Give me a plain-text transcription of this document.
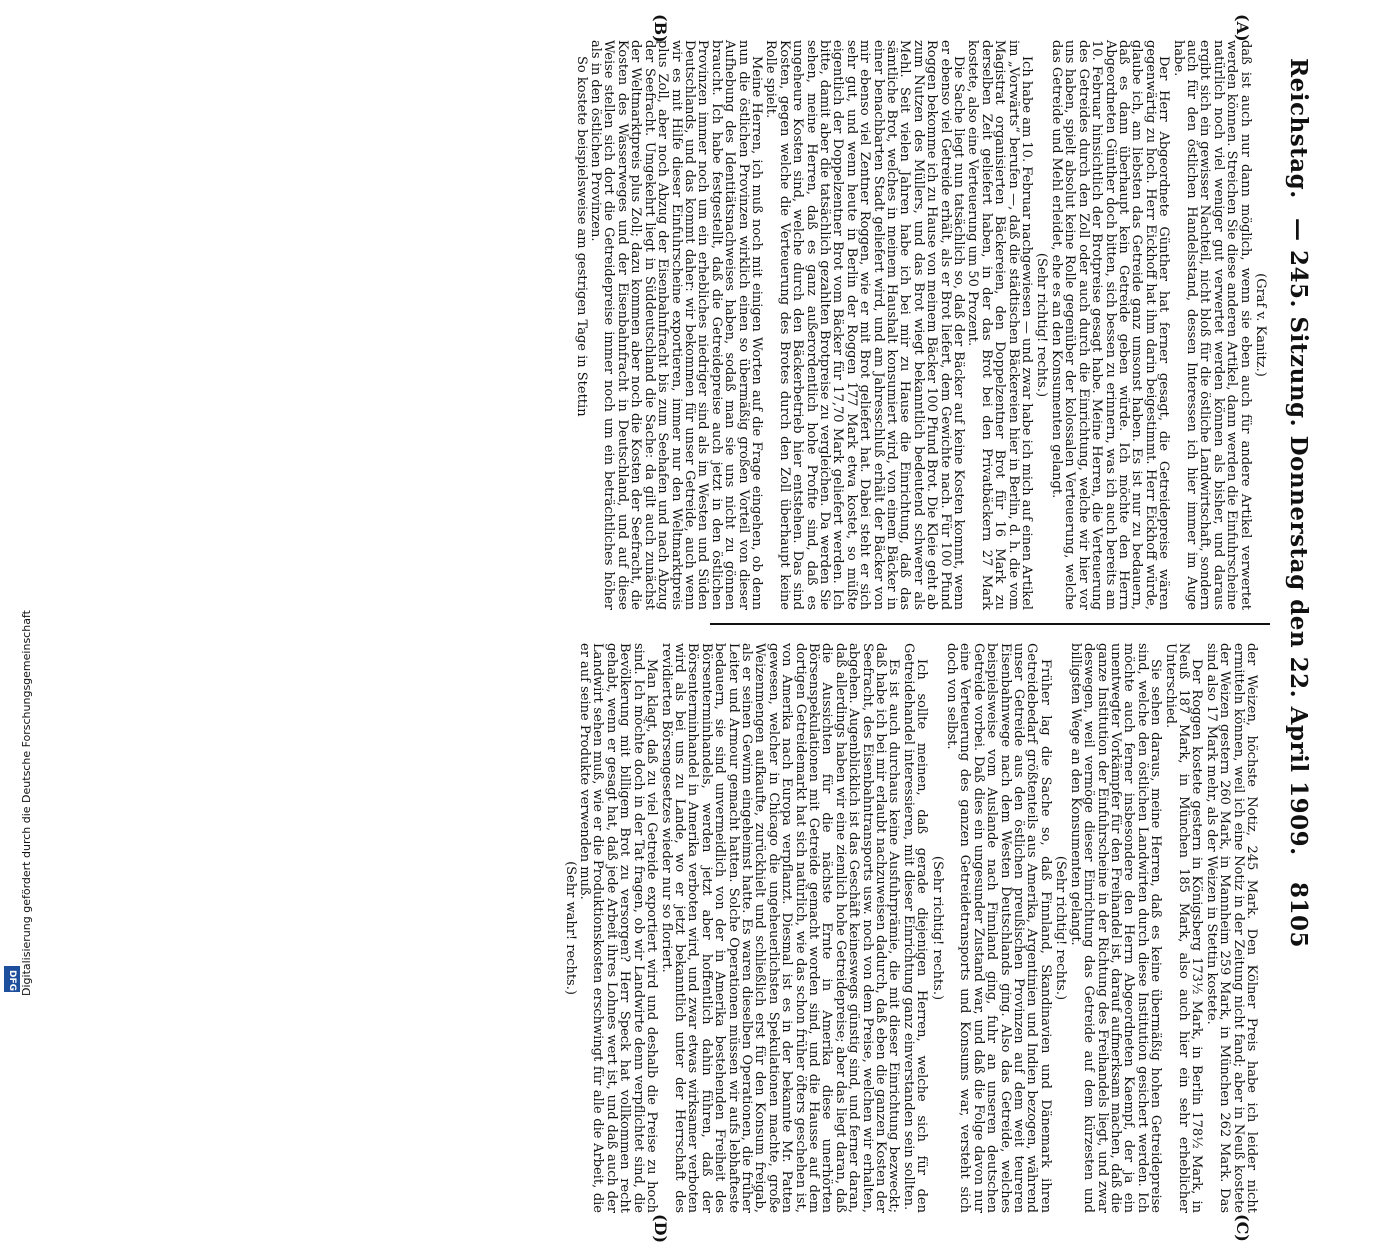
Digitalisierung gefördert durch die Deutsche Forschungsgemeinschaft
DFG
Reichstag.
— 245. Sitzung. Donnerstag den 22. April 1909.
8105
(A)
(B)
(C)
(D)

(Graf v. Kanitz.)

daß ist auch nur dann möglich, wenn sie eben auch für andere Artikel verwertet werden können. Streichen Sie diese anderen Artikel, dann werden die Einfuhrscheine natürlich noch viel weniger gut verwertet werden können als bisher, und daraus ergibt sich ein gewisser Nachteil, nicht bloß für die östliche Landwirtschaft, sondern auch für den östlichen Handelsstand, dessen Interessen ich hier immer im Auge habe.

Der Herr Abgeordnete Günther hat ferner gesagt, die Getreidepreise wären gegenwärtig zu hoch. Herr Eickhoff hat ihm darin beigestimmt. Herr Eickhoff würde, glaube ich, am liebsten das Getreide ganz umsonst haben. Es ist nur zu bedauern, daß es dann überhaupt kein Getreide geben würde. Ich möchte den Herrn Abgeordneten Günther doch bitten, sich bessen zu erinnern, was ich auch bereits am 10. Februar hinsichtlich der Brotpreise gesagt habe. Meine Herren, die Verteuerung des Getreides durch den Zoll oder auch durch die Einrichtung, welche wir hier vor uns haben, spielt absolut keine Rolle gegenüber der kolossalen Verteuerung, welche das Getreide und Mehl erleidet, ehe es an den Konsumenten gelangt.

(Sehr richtig! rechts.)

Ich habe am 10. Februar nachgewiesen — und zwar habe ich mich auf einen Artikel im „Vorwärts“ berufen —, daß die städtischen Bäckereien hier in Berlin, d. h. die vom Magistrat organisierten Bäckereien, den Doppelzentner Brot für 16 Mark zu derselben Zeit geliefert haben, in der das Brot bei den Privatbäckern 27 Mark kostete, also eine Verteuerung um 50 Prozent.

Die Sache liegt nun tatsächlich so, daß der Bäcker auf keine Kosten kommt, wenn er ebenso viel Getreide erhält, als er Brot liefert, dem Gewichte nach. Für 100 Pfund Roggen bekomme ich zu Hause von meinem Bäcker 100 Pfund Brot. Die Kleie geht ab zum Nutzen des Müllers, und das Brot wiegt bekanntlich bedeutend schwerer als Mehl. Seit vielen Jahren habe ich bei mir zu Hause die Einrichtung, daß das sämtliche Brot, welches in meinem Haushalt konsumiert wird, von einem Bäcker in einer benachbarten Stadt geliefert wird, und am Jahresschluß erhält der Bäcker von mir ebenso viel Zentner Roggen, wie er mit Brot geliefert hat. Dabei steht er sich sehr gut, und wenn heute in Berlin der Roggen 177 Mark etwa kostet, so müßte eigentlich der Doppelzentner Brot vom Bäcker für 17,70 Mark geliefert werden. Ich bitte, damit aber die tatsächlich gezahlten Brotpreise zu vergleichen. Da werden Sie sehen, meine Herren, daß es ganz außerordentlich hohe Profite sind, daß es ungeheure Kosten sind, welche durch den Bäckerbetrieb hier entstehen. Das sind Kosten, gegen welche die Verteuerung des Brotes durch den Zoll überhaupt keine Rolle spielt.

Meine Herren, ich muß noch mit einigen Worten auf die Frage eingehen, ob denn nun die östlichen Provinzen wirklich einen so übermäßig großen Vorteil von dieser Aufhebung des Identitätsnachweises haben, sodaß man sie uns nicht zu gönnen braucht. Ich habe festgestellt, daß die Getreidepreise auch jetzt in den östlichen Provinzen immer noch um ein erhebliches niedriger sind als im Westen und Süden Deutschlands, und das kommt daher: wir bekommen für unser Getreide, auch wenn wir es mit Hilfe dieser Einfuhrscheine exportieren, immer nur den Weltmarktpreis plus Zoll, aber noch Abzug der Eisenbahnfracht bis zum Seehafen und nach Abzug der Seefracht. Umgekehrt liegt in Süddeutschland die Sache: da gilt auch zunächst der Weltmarktpreis plus Zoll; dazu kommen aber noch die Kosten der Seefracht, die Kosten des Wasserweges und der Eisenbahnfracht in Deutschland, und auf diese Weise stellen sich dort die Getreidepreise immer noch um ein beträchtliches höher als in den östlichen Provinzen.

So kostete beispielsweise am gestrigen Tage in Stettin

der Weizen, höchste Notiz, 245 Mark. Den Kölner Preis habe ich leider nicht ermitteln können, weil ich eine Notiz in der Zeitung nicht fand; aber in Neuß kostete der Weizen gestern 260 Mark, in Mannheim 259 Mark, in München 262 Mark. Das sind also 17 Mark mehr, als der Weizen in Stettin kostete.

Der Roggen kostete gestern in Königsberg 173½ Mark, in Berlin 178½ Mark, in Neuß 187 Mark, in München 185 Mark, also auch hier ein sehr erheblicher Unterschied.

Sie sehen daraus, meine Herren, daß es keine übermäßig hohen Getreidepreise sind, welche den östlichen Landwirten durch diese Institution gesichert werden. Ich möchte auch ferner insbesondere den Herrn Abgeordneten Kaempf, der ja ein unentwegter Vorkämpfer für den Freihandel ist, darauf aufmerksam machen, daß die ganze Institution der Einfuhrscheine in der Richtung des Freihandels liegt, und zwar deswegen, weil vermöge dieser Einrichtung das Getreide auf dem kürzesten und billigsten Wege an den Konsumenten gelangt.

(Sehr richtig! rechts.)

Früher lag die Sache so, daß Finnland, Skandinavien und Dänemark ihren Getreidebedarf größtenteils aus Amerika, Argentinien und Indien bezogen, während unser Getreide aus den östlichen preußischen Provinzen auf dem weit teureren Eisenbahnwege nach dem Westen Deutschlands ging. Also das Getreide, welches beispielsweise vom Auslande nach Finnland ging, fuhr an unseren deutschen Getreide vorbei. Daß dies ein ungesunder Zustand war, und daß die Folge davon nur eine Verteuerung des ganzen Getreidetransports und Konsums war, versteht sich doch von selbst.

(Sehr richtig! rechts.)

Ich sollte meinen, daß gerade diejenigen Herren, welche sich für den Getreidehandel interessieren, mit dieser Einrichtung ganz einverstanden sein sollten.

Es ist auch durchaus keine Ausfuhrprämie, die mit dieser Einrichtung bezweckt; daß habe ich bei mir erlaubt nachzuweisen dadurch, daß eben die ganzen Kosten der Seefracht, des Eisenbahntransports usw. noch von dem Preise, welchen wir erhalten, abgehen. Augenblicklich ist das Geschäft keineswegs günstig sind, und ferner daran, daß allerdings haben wir eine ziemlich hohe Getreidepreise; aber das liegt daran, daß die Aussichten für die nächste Ernte in Amerika diese unerhörten Börsenspekulationen mit Getreide gemacht worden sind, und die Hausse auf dem dortigen Getreidemarkt hat sich natürlich, wie das schon früher öfters geschehen ist, von Amerika nach Europa verpflanzt. Diesmal ist es in der bekannte Mr. Patten gewesen, welcher in Chicago die ungeheuerlichsten Spekulationen machte, große Weizenmengen aufkaufte, zurückhielt und schließlich erst für den Konsum freigab, als er seinen Gewinn eingeheimst hatte. Es waren dieselben Operationen, die früher Leiter und Armour gemacht hatten. Solche Operationen müssen wir aufs lebhafteste bedauern, sie sind unvermeidlich von der in Amerika bestehenden Freiheit des Börsenterminhandels, werden jetzt aber hoffentlich dahin führen, daß der Börsenterminhandel in Amerika verboten wird, und zwar etwas wirksamer verboten wird als bei uns zu Lande, wo er jetzt bekanntlich unter der Herrschaft des revidierten Börsengesetzes wieder nur so floriert.

Man klagt, daß zu viel Getreide exportiert wird und deshalb die Preise zu hoch sind. Ich möchte doch in der Tat fragen, ob wir Landwirte denn verpflichtet sind, die Bevölkerung mit billigem Brot zu versorgen? Herr Speck hat vollkommen recht gehabt, wenn er gesagt hat, daß jede Arbeit ihres Lohnes wert ist, und daß auch der Landwirt sehen muß, wie er die Produktionskosten erschwingt für alle die Arbeit, die er auf seine Produkte verwenden muß.

(Sehr wahr! rechts.)
